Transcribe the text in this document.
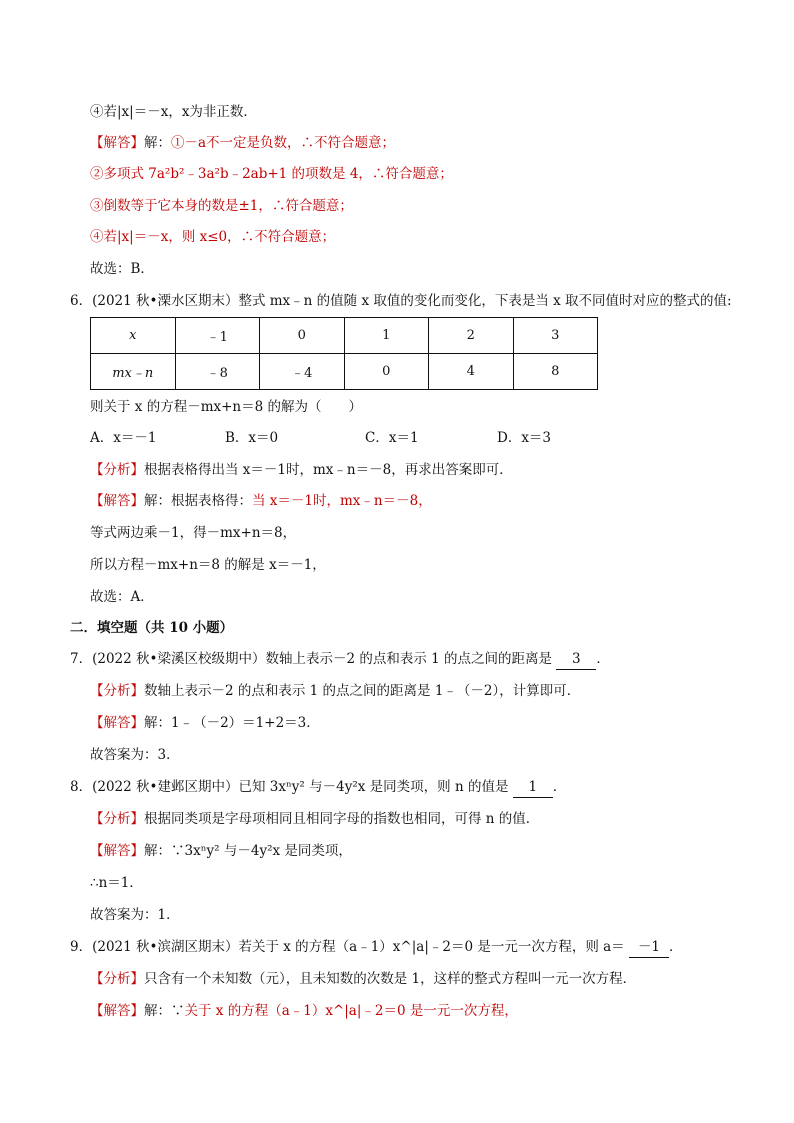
④若|x|＝－x，x为非正数．
【解答】解：①－a不一定是负数，∴不符合题意；
②多项式 7a²b²﹣3a²b﹣2ab+1 的项数是 4，∴符合题意；
③倒数等于它本身的数是±1，∴符合题意；
④若|x|＝－x，则 x≤0，∴不符合题意；
故选：B．
6．(2021 秋•溧水区期末）整式 mx﹣n 的值随 x 取值的变化而变化，下表是当 x 取不同值时对应的整式的值:
x	﹣1	0	1	2	3
mx﹣n	﹣8	﹣4	0	4	8
则关于 x 的方程－mx+n＝8 的解为（　　）
A．x＝－1	B．x＝0	C．x＝1	D．x＝3
【分析】根据表格得出当 x＝－1时，mx﹣n＝－8，再求出答案即可．
【解答】解：根据表格得：当 x＝－1时，mx﹣n＝－8，
等式两边乘－1，得－mx+n＝8，
所以方程－mx+n＝8 的解是 x＝－1，
故选：A．
二．填空题（共 10 小题）
7．(2022 秋•梁溪区校级期中）数轴上表示－2 的点和表示 1 的点之间的距离是 3 ．
【分析】数轴上表示－2 的点和表示 1 的点之间的距离是 1﹣（－2），计算即可．
【解答】解：1﹣（－2）＝1+2＝3．
故答案为：3．
8．(2022 秋•建邺区期中）已知 3xⁿy² 与－4y²x 是同类项，则 n 的值是 1 ．
【分析】根据同类项是字母项相同且相同字母的指数也相同，可得 n 的值．
【解答】解：∵3xⁿy² 与－4y²x 是同类项，
∴n＝1．
故答案为：1．
9．(2021 秋•滨湖区期末）若关于 x 的方程（a﹣1）x^|a|﹣2＝0 是一元一次方程，则 a＝ －1 ．
【分析】只含有一个未知数（元），且未知数的次数是 1，这样的整式方程叫一元一次方程．
【解答】解：∵关于 x 的方程（a﹣1）x^|a|﹣2＝0 是一元一次方程，
